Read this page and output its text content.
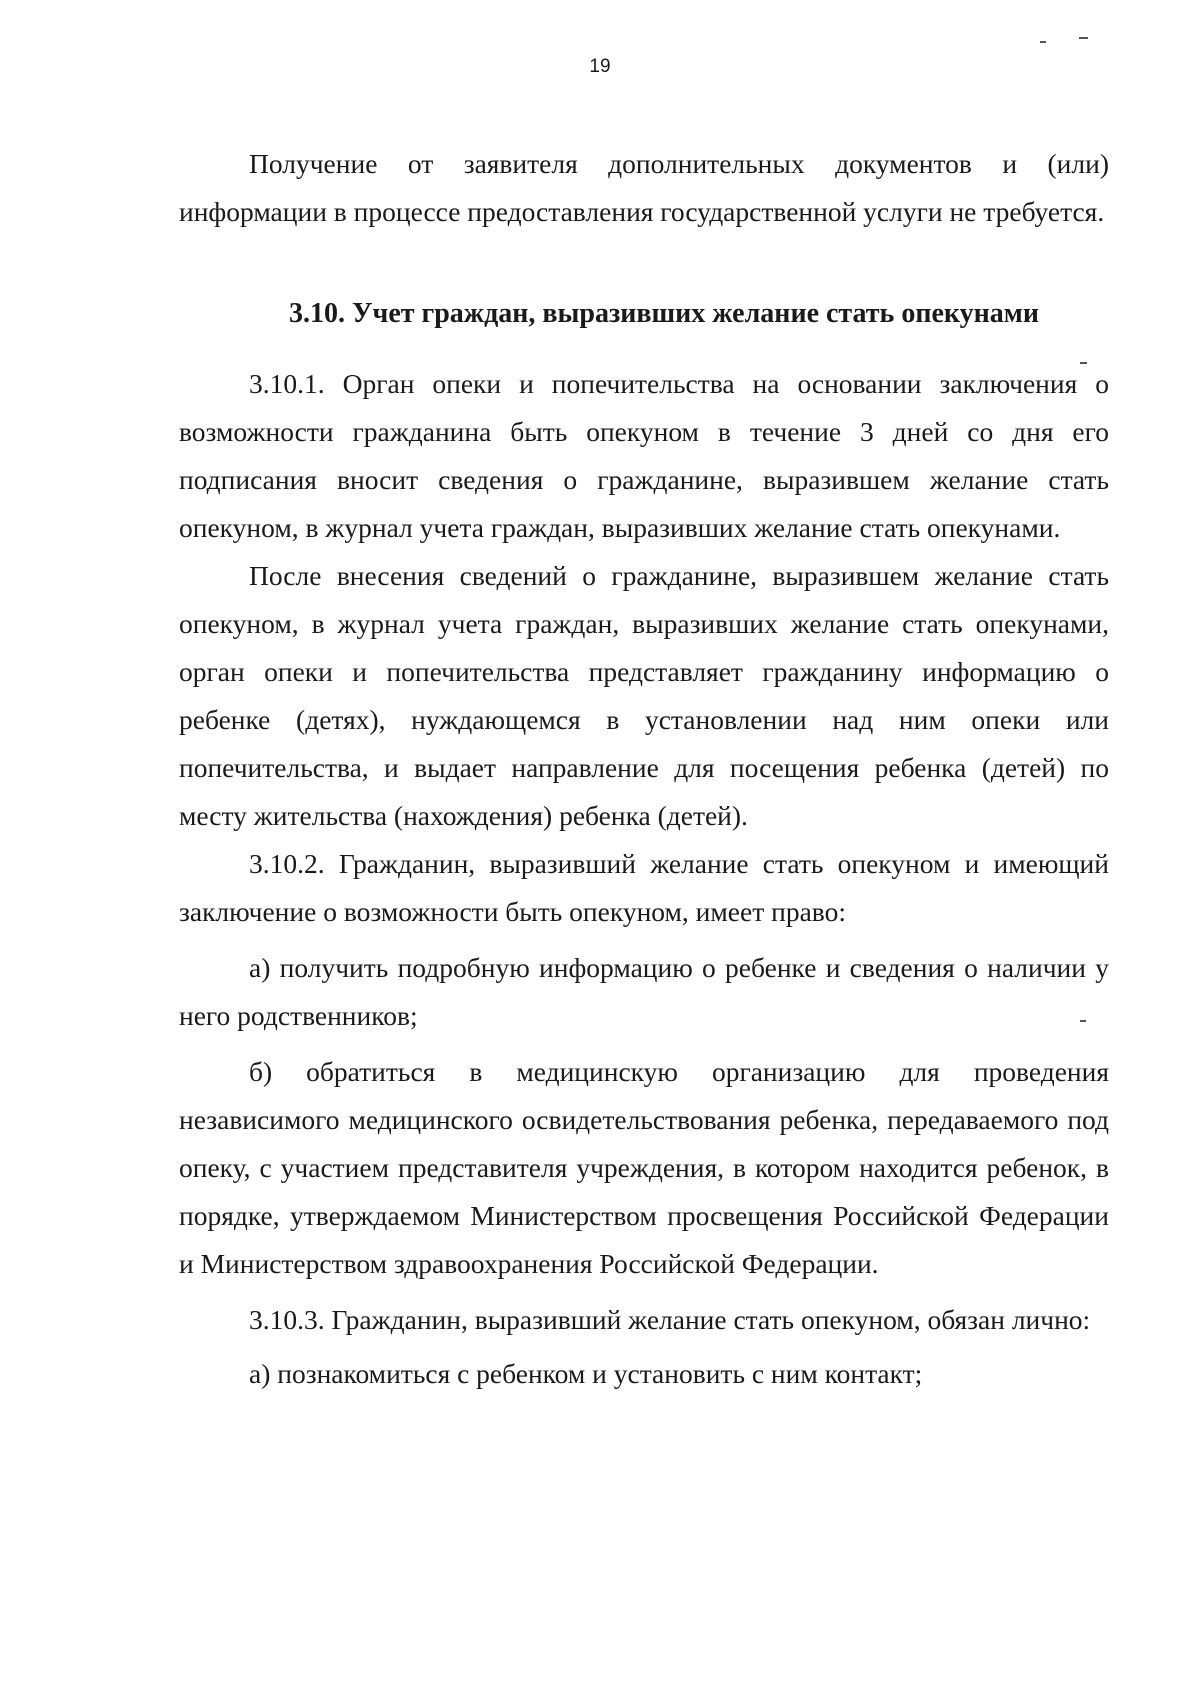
19

Получение от заявителя дополнительных документов и (или) информации в процессе предоставления государственной услуги не требуется.

3.10. Учет граждан, выразивших желание стать опекунами

3.10.1. Орган опеки и попечительства на основании заключения о возможности гражданина быть опекуном в течение 3 дней со дня его подписания вносит сведения о гражданине, выразившем желание стать опекуном, в журнал учета граждан, выразивших желание стать опекунами.

После внесения сведений о гражданине, выразившем желание стать опекуном, в журнал учета граждан, выразивших желание стать опекунами, орган опеки и попечительства представляет гражданину информацию о ребенке (детях), нуждающемся в установлении над ним опеки или попечительства, и выдает направление для посещения ребенка (детей) по месту жительства (нахождения) ребенка (детей).

3.10.2. Гражданин, выразивший желание стать опекуном и имеющий заключение о возможности быть опекуном, имеет право:

а) получить подробную информацию о ребенке и сведения о наличии у него родственников;

б) обратиться в медицинскую организацию для проведения независимого медицинского освидетельствования ребенка, передаваемого под опеку, с участием представителя учреждения, в котором находится ребенок, в порядке, утверждаемом Министерством просвещения Российской Федерации и Министерством здравоохранения Российской Федерации.

3.10.3. Гражданин, выразивший желание стать опекуном, обязан лично:

а) познакомиться с ребенком и установить с ним контакт;
